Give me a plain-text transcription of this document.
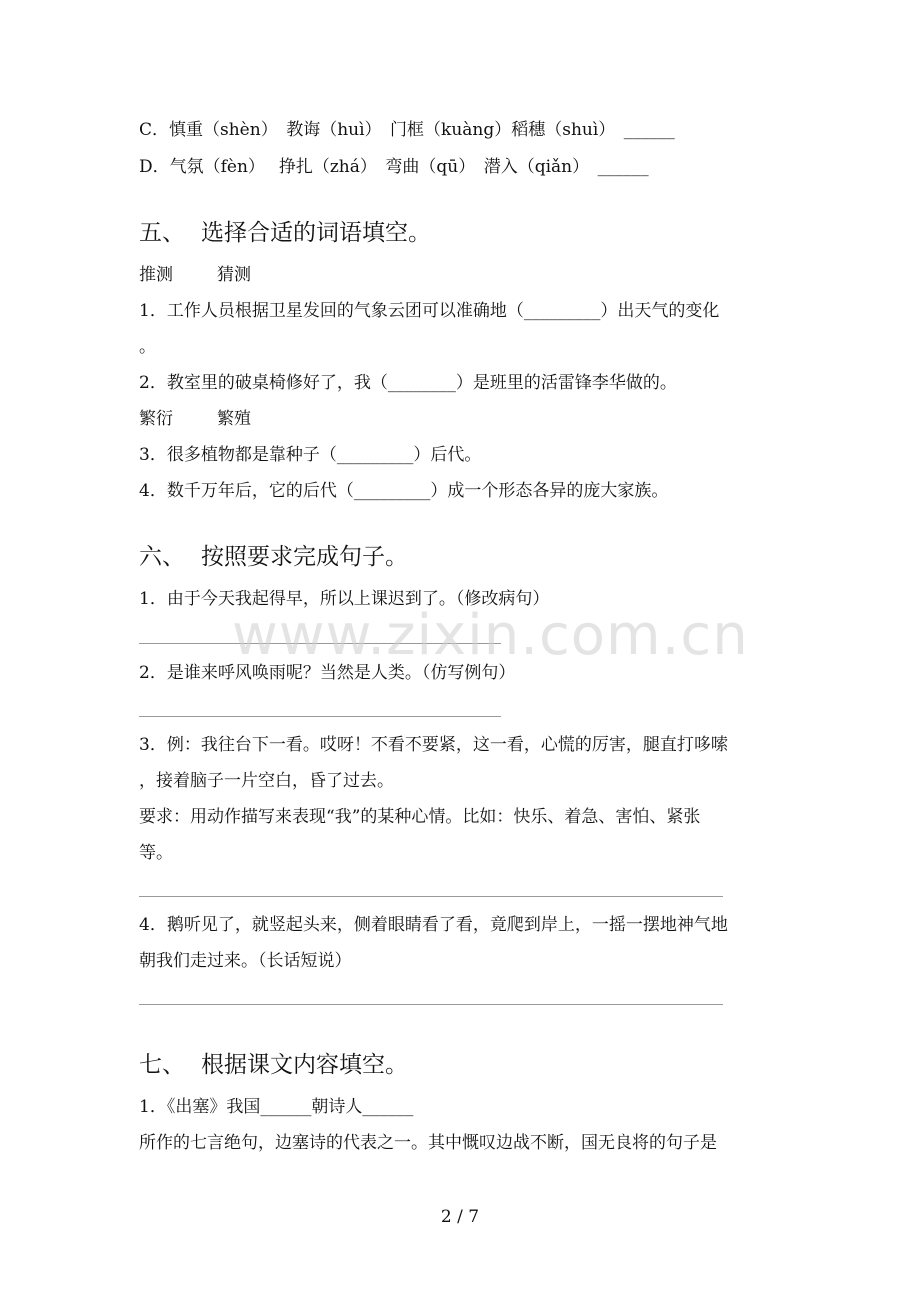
C．慎重（shèn）　教诲（huì）　门框（kuàng）稻穗（shuì）　______
D．气氛（fèn）　 挣扎（zhá）　弯曲（qū）　潜入（qiǎn）　______
五、 选择合适的词语填空。
推测	猜测
1．工作人员根据卫星发回的气象云团可以准确地（_________）出天气的变化
。
2．教室里的破桌椅修好了，我（________）是班里的活雷锋李华做的。
繁衍	繁殖
3．很多植物都是靠种子（_________）后代。
4．数千万年后，它的后代（_________）成一个形态各异的庞大家族。
六、 按照要求完成句子。
1．由于今天我起得早，所以上课迟到了。（修改病句）
2．是谁来呼风唤雨呢？当然是人类。（仿写例句）
3．例：我往台下一看。哎呀！不看不要紧，这一看，心慌的厉害，腿直打哆嗦
，接着脑子一片空白，昏了过去。
要求：用动作描写来表现“我”的某种心情。比如：快乐、着急、害怕、紧张
等。
4．鹅听见了，就竖起头来，侧着眼睛看了看，竟爬到岸上，一摇一摆地神气地
朝我们走过来。（长话短说）
七、 根据课文内容填空。
1．《出塞》我国______朝诗人______
所作的七言绝句，边塞诗的代表之一。其中慨叹边战不断，国无良将的句子是
www.zixin.com.cn
2 / 7
